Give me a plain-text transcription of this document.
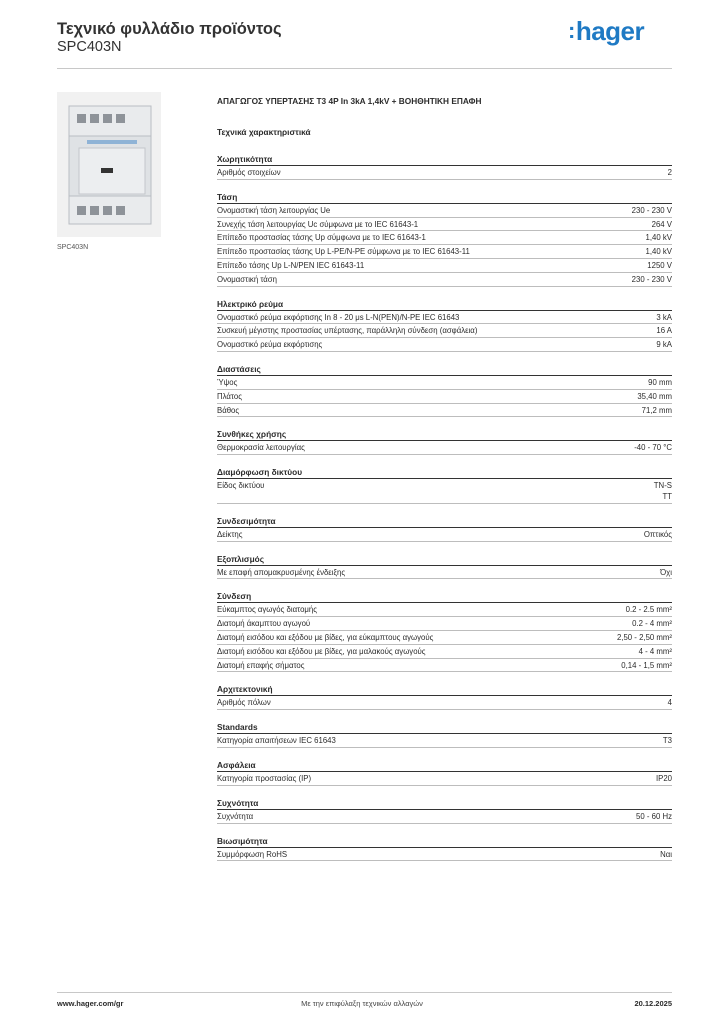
Τεχνικό φυλλάδιο προϊόντος
SPC403N
:hager
SPC403N
ΑΠΑΓΩΓΟΣ ΥΠΕΡΤΑΣΗΣ Τ3 4P In 3kA 1,4kV + ΒΟΗΘΗΤΙΚΗ ΕΠΑΦΗ
Τεχνικά χαρακτηριστικά
Χωρητικότητα
Αριθμός στοιχείων	2
Τάση
Ονομαστική τάση λειτουργίας Ue	230 - 230 V
Συνεχής τάση λειτουργίας Uc σύμφωνα με το IEC 61643-1	264 V
Επίπεδο προστασίας τάσης Up σύμφωνα με το IEC 61643-1	1,40 kV
Επίπεδο προστασίας τάσης Up L-PE/N-PE σύμφωνα με το IEC 61643-11	1,40 kV
Επίπεδο τάσης Up L-N/PEN IEC 61643-11	1250 V
Ονομαστική τάση	230 - 230 V
Ηλεκτρικό ρεύμα
Ονομαστικό ρεύμα εκφόρτισης In 8 - 20 μs L-N(PEN)/N-PE IEC 61643	3 kA
Συσκευή μέγιστης προστασίας υπέρτασης, παράλληλη σύνδεση (ασφάλεια)	16 A
Ονομαστικό ρεύμα εκφόρτισης	9 kA
Διαστάσεις
Ύψος	90 mm
Πλάτος	35,40 mm
Βάθος	71,2 mm
Συνθήκες χρήσης
Θερμοκρασία λειτουργίας	-40 - 70 °C
Διαμόρφωση δικτύου
Είδος δικτύου	TN-S
TT
Συνδεσιμότητα
Δείκτης	Οπτικός
Εξοπλισμός
Με επαφή απομακρυσμένης ένδειξης	Όχι
Σύνδεση
Εύκαμπτος αγωγός διατομής	0.2 - 2.5 mm²
Διατομή άκαμπτου αγωγού	0.2 - 4 mm²
Διατομή εισόδου και εξόδου με βίδες, για εύκαμπτους αγωγούς	2,50 - 2,50 mm²
Διατομή εισόδου και εξόδου με βίδες, για μαλακούς αγωγούς	4 - 4 mm²
Διατομή επαφής σήματος	0,14 - 1,5 mm²
Αρχιτεκτονική
Αριθμός πόλων	4
Standards
Κατηγορία απαιτήσεων IEC 61643	T3
Ασφάλεια
Κατηγορία προστασίας (IP)	IP20
Συχνότητα
Συχνότητα	50 - 60 Hz
Βιωσιμότητα
Συμμόρφωση RoHS	Ναι
www.hager.com/gr	Με την επιφύλαξη τεχνικών αλλαγών	20.12.2025
